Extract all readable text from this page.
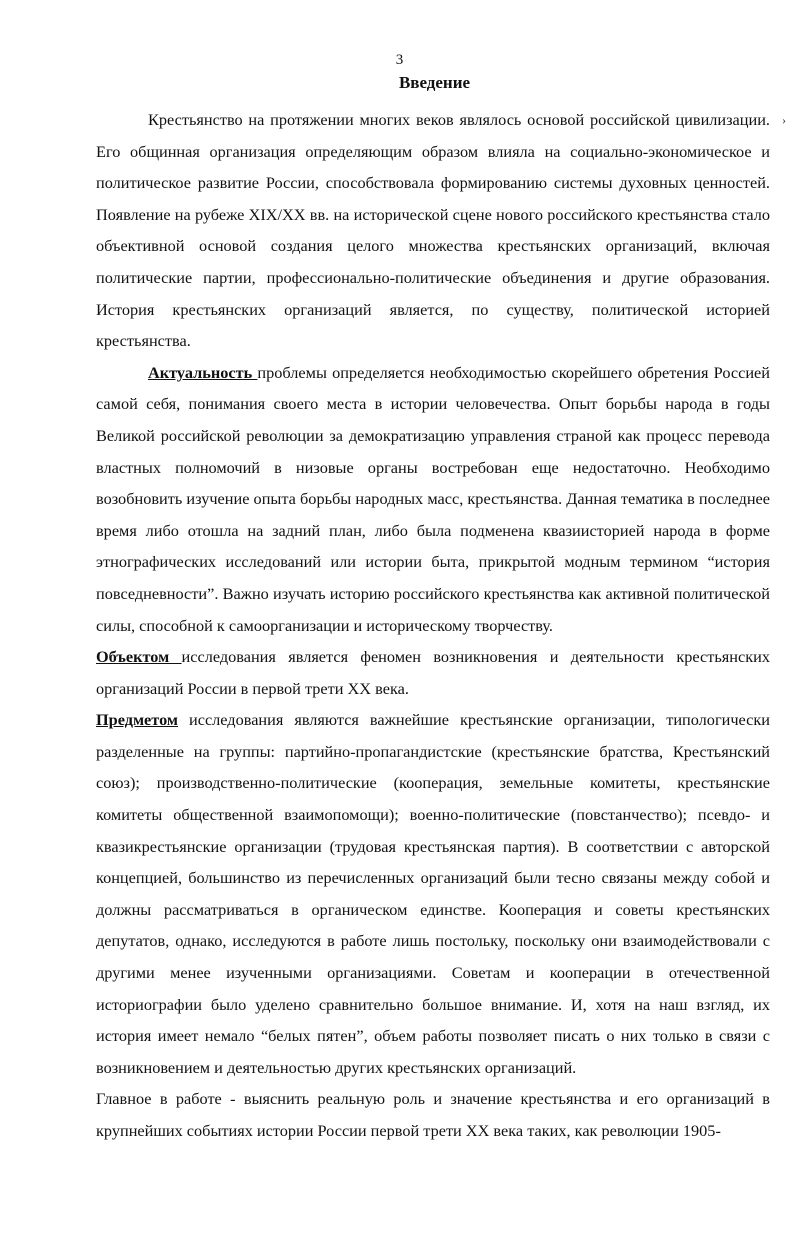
3
Введение
›

Крестьянство на протяжении многих веков являлось основой российской цивилизации. Его общинная организация определяющим образом влияла на социально-экономическое и политическое развитие России, способствовала формированию системы духовных ценностей. Появление на рубеже XIX/XX вв. на исторической сцене нового российского крестьянства стало объективной основой создания целого множества крестьянских организаций, включая политические партии, профессионально-политические объединения и другие образования. История крестьянских организаций является, по существу, политической историей крестьянства.

Актуальность проблемы определяется необходимостью скорейшего обретения Россией самой себя, понимания своего места в истории человечества. Опыт борьбы народа в годы Великой российской революции за демократизацию управления страной как процесс перевода властных полномочий в низовые органы востребован еще недостаточно. Необходимо возобновить изучение опыта борьбы народных масс, крестьянства. Данная тематика в последнее время либо отошла на задний план, либо была подменена квазиисторией народа в форме этнографических исследований или истории быта, прикрытой модным термином “история повседневности”. Важно изучать историю российского крестьянства как активной политической силы, способной к самоорганизации и историческому творчеству.

Объектом исследования является феномен возникновения и деятельности крестьянских организаций России в первой трети XX века.

Предметом исследования являются важнейшие крестьянские организации, типологически разделенные на группы: партийно-пропагандистские (крестьянские братства, Крестьянский союз); производственно-политические (кооперация, земельные комитеты, крестьянские комитеты общественной взаимопомощи); военно-политические (повстанчество); псевдо- и квазикрестьянские организации (трудовая крестьянская партия). В соответствии с авторской концепцией, большинство из перечисленных организаций были тесно связаны между собой и должны рассматриваться в органическом единстве. Кооперация и советы крестьянских депутатов, однако, исследуются в работе лишь постольку, поскольку они взаимодействовали с другими менее изученными организациями. Советам и кооперации в отечественной историографии было уделено сравнительно большое внимание. И, хотя на наш взгляд, их история имеет немало “белых пятен”, объем работы позволяет писать о них только в связи с возникновением и деятельностью других крестьянских организаций.

Главное в работе - выяснить реальную роль и значение крестьянства и его организаций в крупнейших событиях истории России первой трети XX века таких, как революции 1905-
